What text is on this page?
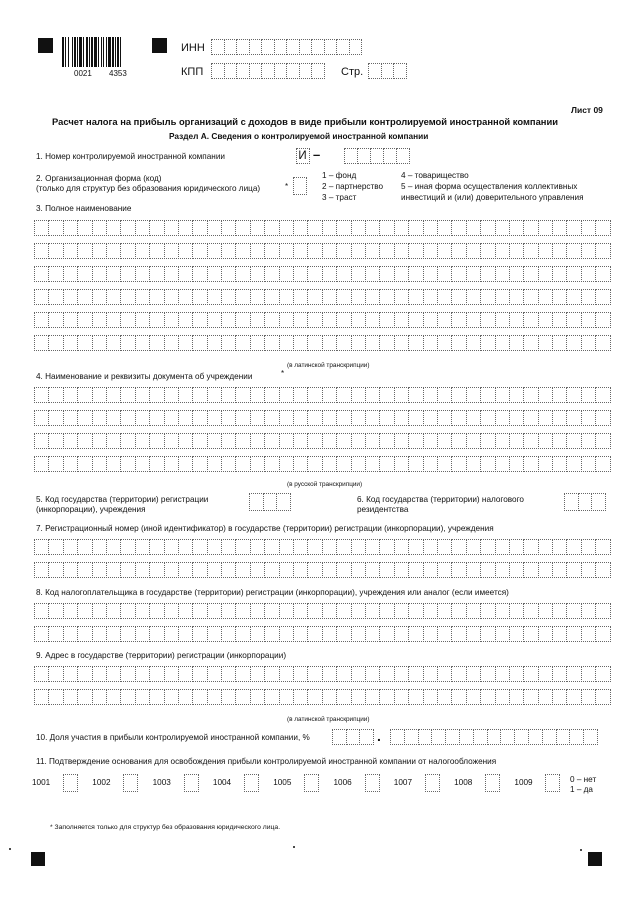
0021 4353
ИНН
КПП	Стр.
Лист 09
Расчет налога на прибыль организаций с доходов в виде прибыли контролируемой иностранной компании
Раздел А. Сведения о контролируемой иностранной компании
1. Номер контролируемой иностранной компании	И –
2. Организационная форма (код)
(только для структур без образования юридического лица)	*
1 – фонд
2 – партнерство
3 – траст
4 – товарищество
5 – иная форма осуществления коллективных
инвестиций и (или) доверительного управления
3. Полное наименование
(в латинской транскрипции)
4. Наименование и реквизиты документа об учреждении	*
(в русской транскрипции)
5. Код государства (территории) регистрации
(инкорпорации), учреждения
6. Код государства (территории) налогового
резидентства
7. Регистрационный номер (иной идентификатор) в государстве (территории) регистрации (инкорпорации), учреждения
8. Код налогоплательщика в государстве (территории) регистрации (инкорпорации), учреждения или аналог (если имеется)
9. Адрес в государстве (территории) регистрации (инкорпорации)
(в латинской транскрипции)
10. Доля участия в прибыли контролируемой иностранной компании, %	.
11. Подтверждение основания для освобождения прибыли контролируемой иностранной компании от налогообложения
1001	1002	1003	1004	1005	1006	1007	1008	1009	0 – нет
1 – да
* Заполняется только для структур без образования юридического лица.
